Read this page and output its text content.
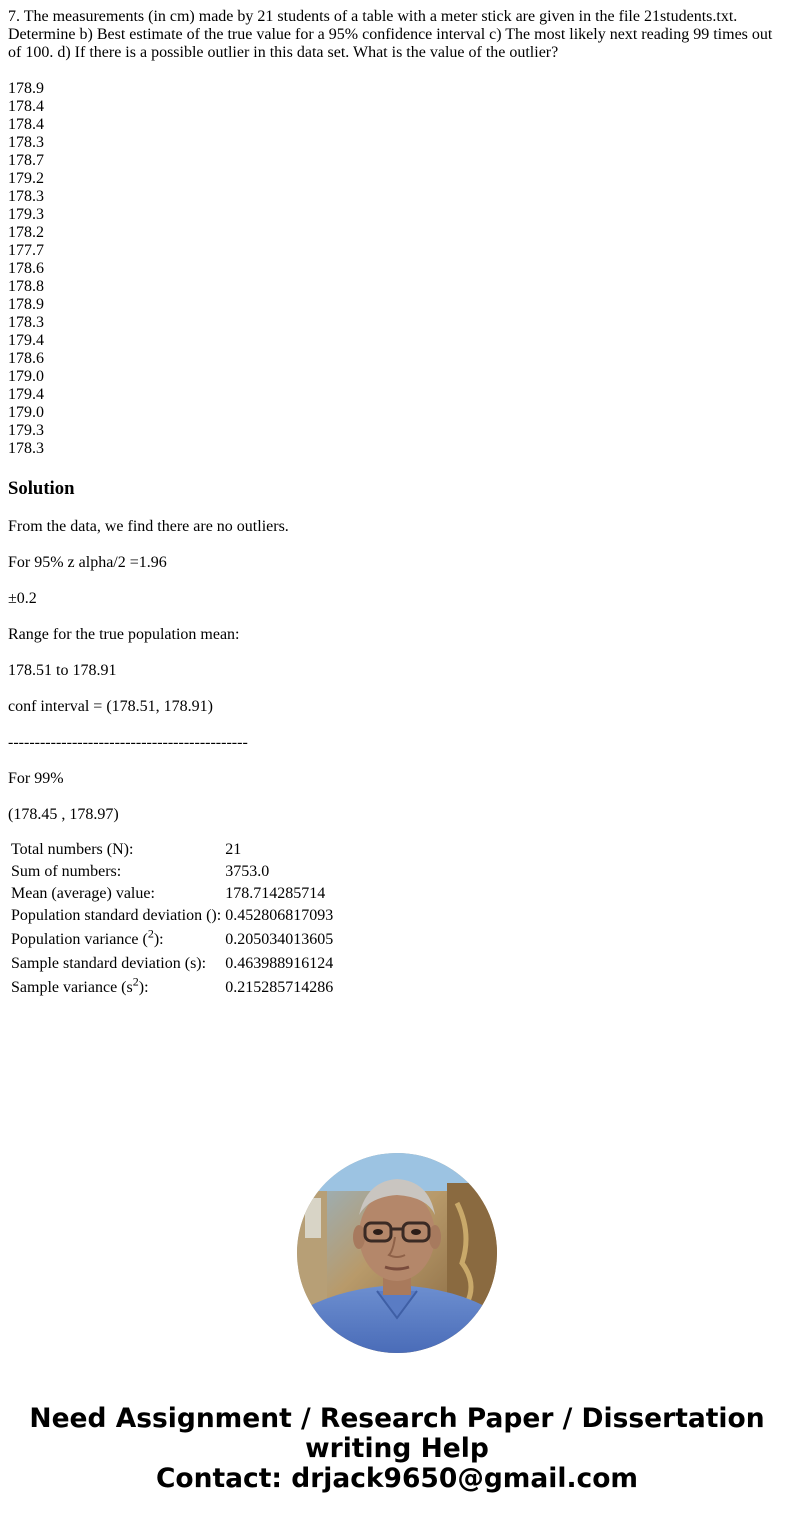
7. The measurements (in cm) made by 21 students of a table with a meter stick are given in the file 21students.txt. Determine b) Best estimate of the true value for a 95% confidence interval c) The most likely next reading 99 times out of 100. d) If there is a possible outlier in this data set. What is the value of the outlier?

178.9
178.4
178.4
178.3
178.7
179.2
178.3
179.3
178.2
177.7
178.6
178.8
178.9
178.3
179.4
178.6
179.0
179.4
179.0
179.3
178.3
Solution

From the data, we find there are no outliers.

For 95% z alpha/2 =1.96

±0.2

Range for the true population mean:

178.51 to 178.91

conf interval = (178.51, 178.91)

---------------------------------------------

For 99%

(178.45 , 178.97)

Total numbers (N):	21
Sum of numbers:	3753.0
Mean (average) value:	178.714285714
Population standard deviation ():	0.452806817093
Population variance ($^2$):	0.205034013605
Sample standard deviation (s):	0.463988916124
Sample variance $(s^2)$:	0.215285714286
Need Assignment / Research Paper / Dissertation
writing Help
Contact: drjack9650@gmail.com
